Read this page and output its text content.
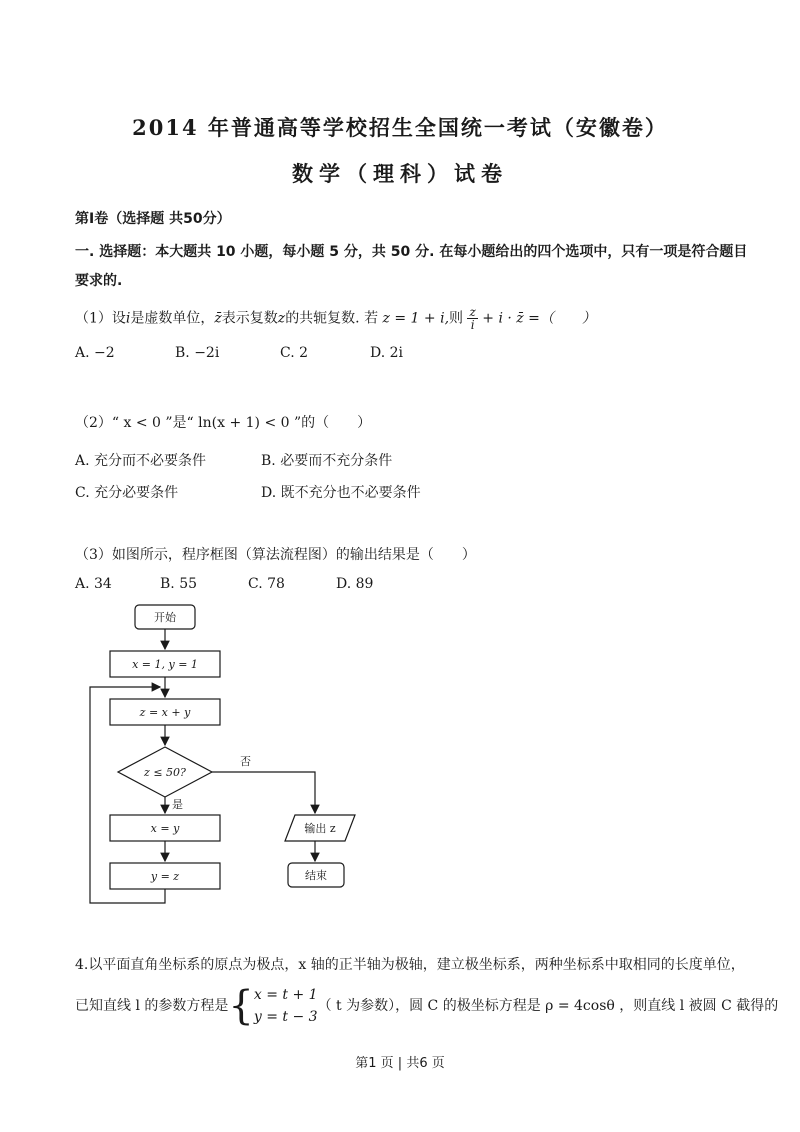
2014 年普通高等学校招生全国统一考试（安徽卷）
数学（理科）试卷
第Ⅰ卷（选择题 共50分）
一. 选择题：本大题共 10 小题，每小题 5 分，共 50 分. 在每小题给出的四个选项中，只有一项是符合题目
要求的.
（1）设i是虚数单位，z̄表示复数z的共轭复数. 若 z = 1 + i,则 $\frac{z}{i} + i$ · z̄ =（　　）
A. −2	B. −2i	C. 2	D. 2i
（2）“ x < 0 ”是“ ln(x + 1) < 0 ”的（　　）
A. 充分而不必要条件	B. 必要而不充分条件
C. 充分必要条件	D. 既不充分也不必要条件
（3）如图所示，程序框图（算法流程图）的输出结果是（　　）
A. 34	B. 55	C. 78	D. 89
开始
x = 1, y = 1
z = x + y
z ≤ 50?
是
否
x = y
y = z
输出 z
结束
4.以平面直角坐标系的原点为极点，x 轴的正半轴为极轴，建立极坐标系，两种坐标系中取相同的长度单位，
已知直线 l 的参数方程是{ x = t + 1
y = t − 3
（ t 为参数），圆 C 的极坐标方程是 ρ = 4cosθ ，则直线 l 被圆 C 截得的
第1 页 | 共6 页
